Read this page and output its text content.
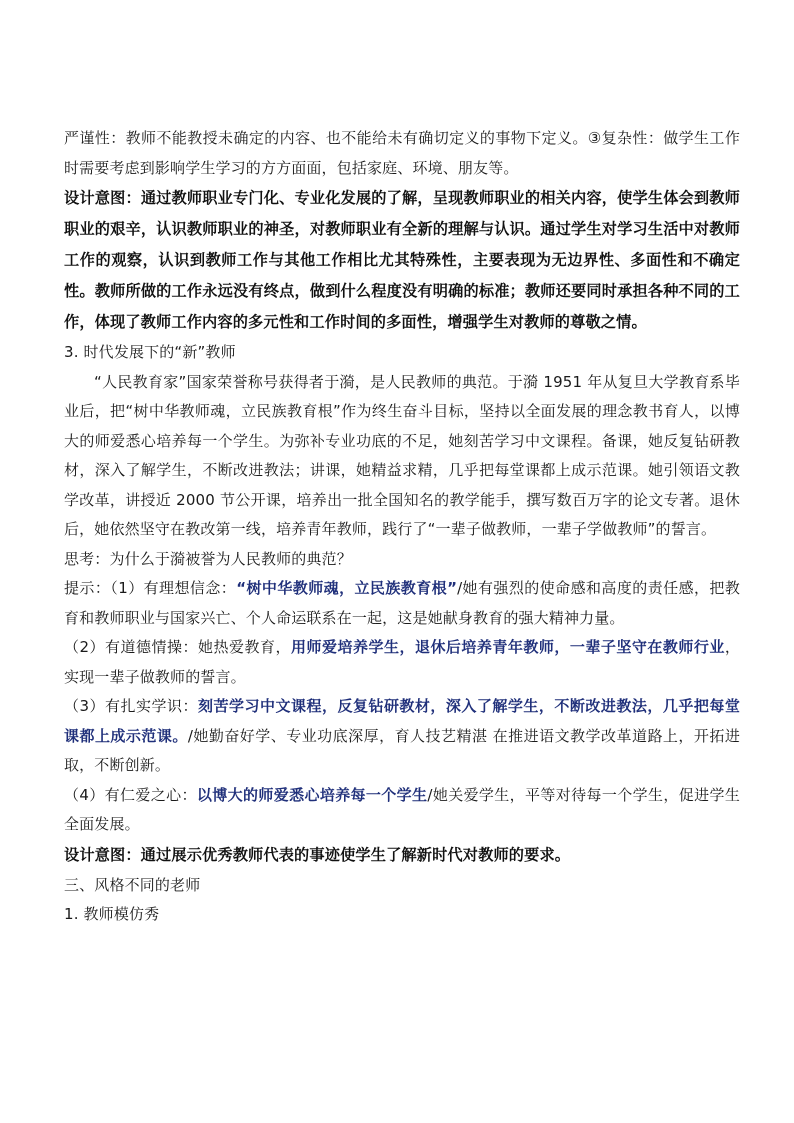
严谨性：教师不能教授未确定的内容、也不能给未有确切定义的事物下定义。③复杂性：做学生工作时需要考虑到影响学生学习的方方面面，包括家庭、环境、朋友等。

设计意图：通过教师职业专门化、专业化发展的了解，呈现教师职业的相关内容，使学生体会到教师职业的艰辛，认识教师职业的神圣，对教师职业有全新的理解与认识。通过学生对学习生活中对教师工作的观察，认识到教师工作与其他工作相比尤其特殊性，主要表现为无边界性、多面性和不确定性。教师所做的工作永远没有终点，做到什么程度没有明确的标准；教师还要同时承担各种不同的工作，体现了教师工作内容的多元性和工作时间的多面性，增强学生对教师的尊敬之情。

3. 时代发展下的“新”教师

“人民教育家”国家荣誉称号获得者于漪，是人民教师的典范。于漪 1951 年从复旦大学教育系毕业后，把“树中华教师魂，立民族教育根”作为终生奋斗目标，坚持以全面发展的理念教书育人，以博大的师爱悉心培养每一个学生。为弥补专业功底的不足，她刻苦学习中文课程。备课，她反复钻研教材，深入了解学生，不断改进教法；讲课，她精益求精，几乎把每堂课都上成示范课。她引领语文教学改革，讲授近 2000 节公开课，培养出一批全国知名的教学能手，撰写数百万字的论文专著。退休后，她依然坚守在教改第一线，培养青年教师，践行了“一辈子做教师，一辈子学做教师”的誓言。

思考：为什么于漪被誉为人民教师的典范？

提示：（1）有理想信念：“树中华教师魂，立民族教育根”/她有强烈的使命感和高度的责任感，把教育和教师职业与国家兴亡、个人命运联系在一起，这是她献身教育的强大精神力量。

（2）有道德情操：她热爱教育，用师爱培养学生，退休后培养青年教师，一辈子坚守在教师行业，实现一辈子做教师的誓言。

（3）有扎实学识：刻苦学习中文课程，反复钻研教材，深入了解学生，不断改进教法，几乎把每堂课都上成示范课。/她勤奋好学、专业功底深厚，育人技艺精湛 在推进语文教学改革道路上，开拓进取，不断创新。

（4）有仁爱之心：以博大的师爱悉心培养每一个学生/她关爱学生，平等对待每一个学生，促进学生全面发展。

设计意图：通过展示优秀教师代表的事迹使学生了解新时代对教师的要求。

三、风格不同的老师

1. 教师模仿秀
